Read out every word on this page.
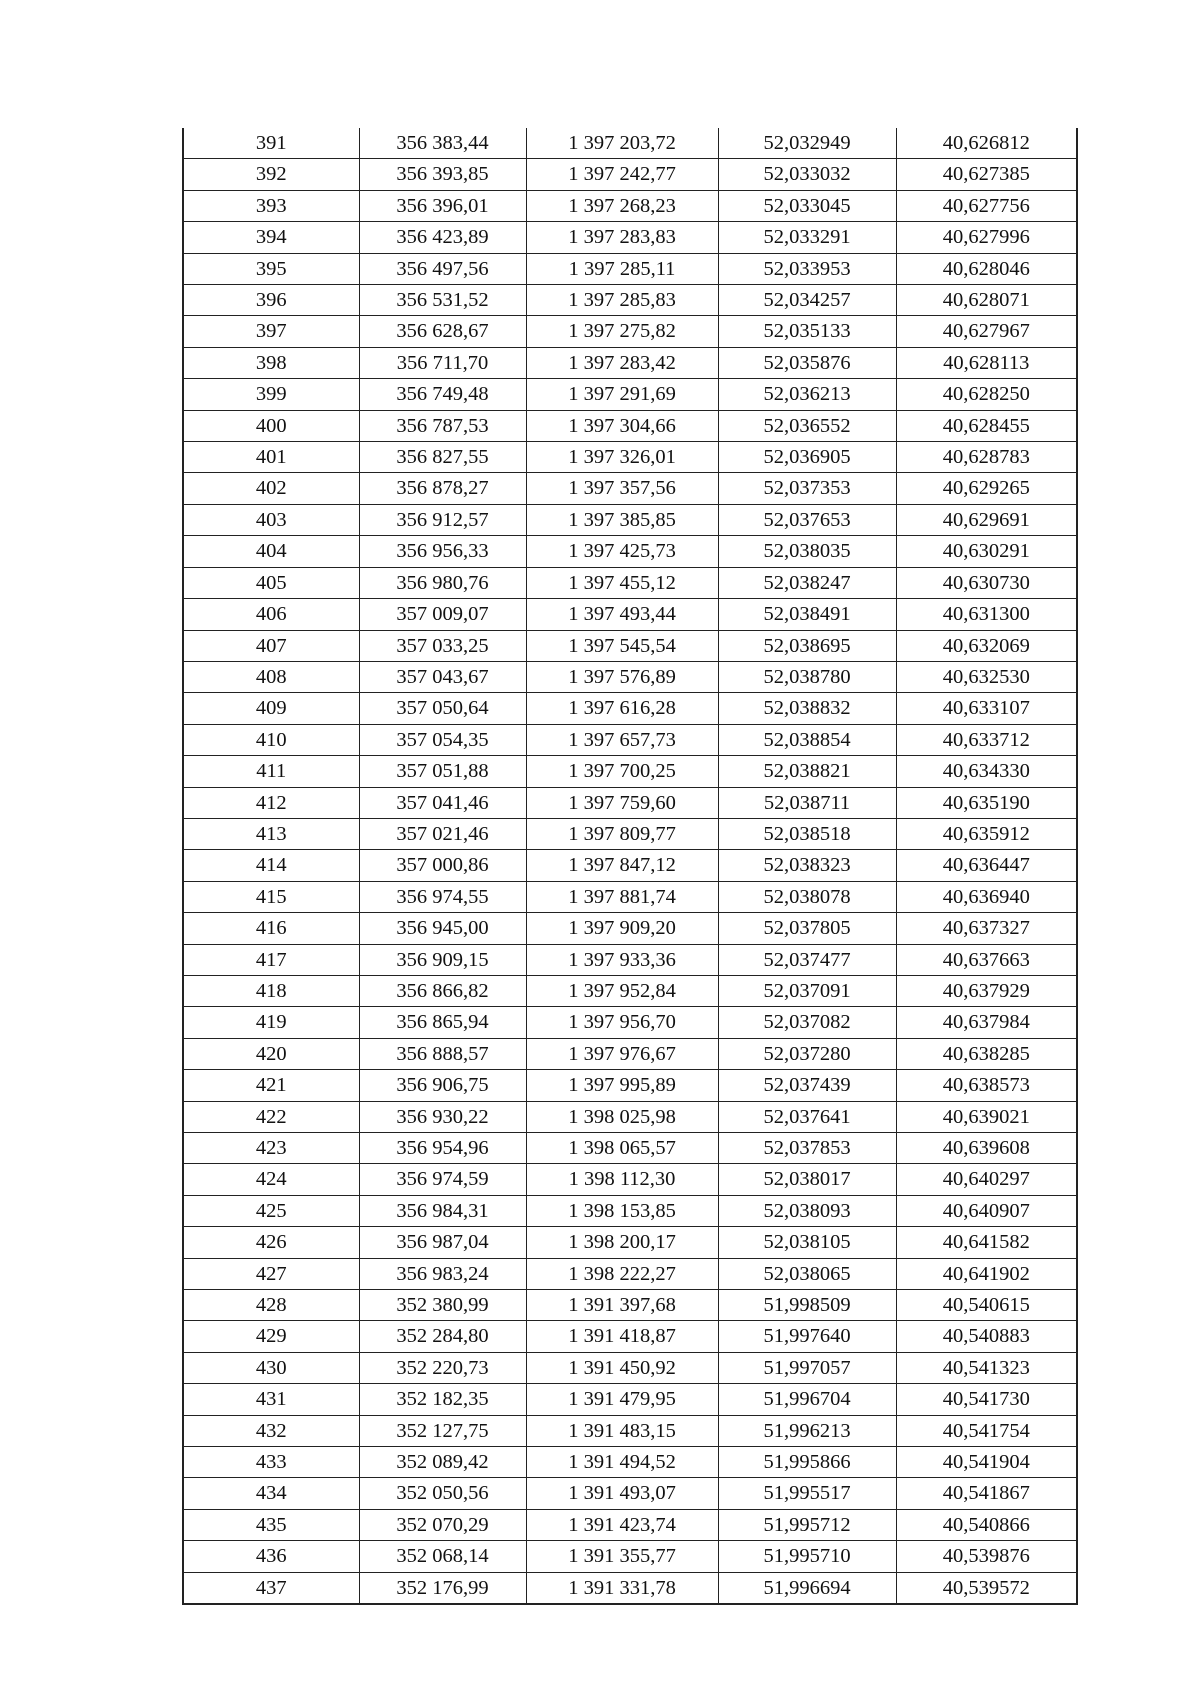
391	356 383,44	1 397 203,72	52,032949	40,626812
392	356 393,85	1 397 242,77	52,033032	40,627385
393	356 396,01	1 397 268,23	52,033045	40,627756
394	356 423,89	1 397 283,83	52,033291	40,627996
395	356 497,56	1 397 285,11	52,033953	40,628046
396	356 531,52	1 397 285,83	52,034257	40,628071
397	356 628,67	1 397 275,82	52,035133	40,627967
398	356 711,70	1 397 283,42	52,035876	40,628113
399	356 749,48	1 397 291,69	52,036213	40,628250
400	356 787,53	1 397 304,66	52,036552	40,628455
401	356 827,55	1 397 326,01	52,036905	40,628783
402	356 878,27	1 397 357,56	52,037353	40,629265
403	356 912,57	1 397 385,85	52,037653	40,629691
404	356 956,33	1 397 425,73	52,038035	40,630291
405	356 980,76	1 397 455,12	52,038247	40,630730
406	357 009,07	1 397 493,44	52,038491	40,631300
407	357 033,25	1 397 545,54	52,038695	40,632069
408	357 043,67	1 397 576,89	52,038780	40,632530
409	357 050,64	1 397 616,28	52,038832	40,633107
410	357 054,35	1 397 657,73	52,038854	40,633712
411	357 051,88	1 397 700,25	52,038821	40,634330
412	357 041,46	1 397 759,60	52,038711	40,635190
413	357 021,46	1 397 809,77	52,038518	40,635912
414	357 000,86	1 397 847,12	52,038323	40,636447
415	356 974,55	1 397 881,74	52,038078	40,636940
416	356 945,00	1 397 909,20	52,037805	40,637327
417	356 909,15	1 397 933,36	52,037477	40,637663
418	356 866,82	1 397 952,84	52,037091	40,637929
419	356 865,94	1 397 956,70	52,037082	40,637984
420	356 888,57	1 397 976,67	52,037280	40,638285
421	356 906,75	1 397 995,89	52,037439	40,638573
422	356 930,22	1 398 025,98	52,037641	40,639021
423	356 954,96	1 398 065,57	52,037853	40,639608
424	356 974,59	1 398 112,30	52,038017	40,640297
425	356 984,31	1 398 153,85	52,038093	40,640907
426	356 987,04	1 398 200,17	52,038105	40,641582
427	356 983,24	1 398 222,27	52,038065	40,641902
428	352 380,99	1 391 397,68	51,998509	40,540615
429	352 284,80	1 391 418,87	51,997640	40,540883
430	352 220,73	1 391 450,92	51,997057	40,541323
431	352 182,35	1 391 479,95	51,996704	40,541730
432	352 127,75	1 391 483,15	51,996213	40,541754
433	352 089,42	1 391 494,52	51,995866	40,541904
434	352 050,56	1 391 493,07	51,995517	40,541867
435	352 070,29	1 391 423,74	51,995712	40,540866
436	352 068,14	1 391 355,77	51,995710	40,539876
437	352 176,99	1 391 331,78	51,996694	40,539572
